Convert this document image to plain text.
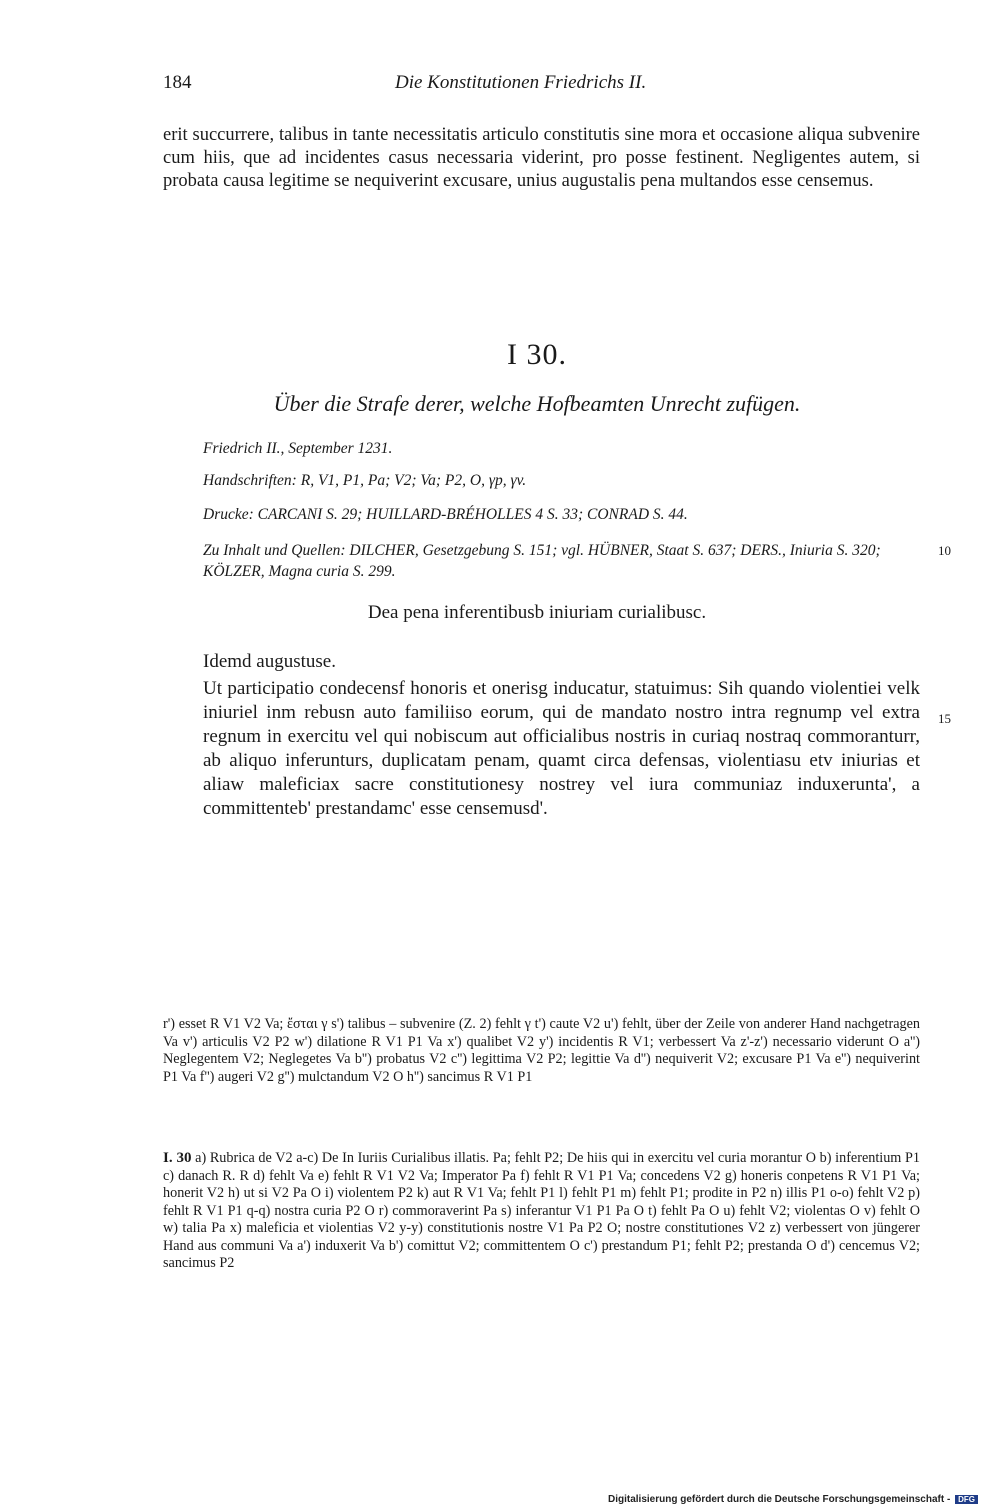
184	Die Konstitutionen Friedrichs II.
erit succurrere, talibus in tante necessitatis articulo constitutis sine mora et occasione aliqua subvenire cum hiis, que ad incidentes casus necessaria viderint, pro posse festinent. Negligentes autem, si probata causa legitime se nequiverint excusare, unius augustalis pena multandos esse censemus.
I 30.
Über die Strafe derer, welche Hofbeamten Unrecht zufügen.
Friedrich II., September 1231.
Handschriften: R, V1, P1, Pa; V2; Va; P2, O, γp, γv.
Drucke: CARCANI S. 29; HUILLARD-BRÉHOLLES 4 S. 33; CONRAD S. 44.
Zu Inhalt und Quellen: DILCHER, Gesetzgebung S. 151; vgl. HÜBNER, Staat S. 637; DERS., Iniuria S. 320; KÖLZER, Magna curia S. 299.
10
Dea pena inferentibusb iniuriam curialibusc.
Idemd augustuse.
Ut participatio condecensf honoris et onerisg inducatur, statuimus: Sih quando violentiei velk iniuriel inm rebusn auto familiiso eorum, qui de mandato nostro intra regnump vel extra regnum in exercitu vel qui nobiscum aut officialibus nostris in curiaq nostraq commoranturr, ab aliquo inferunturs, duplicatam penam, quamt circa defensas, violentiasu etv iniurias et aliaw maleficiax sacre constitutionesy nostrey vel iura communiaz induxerunta', a committenteb' prestandamc' esse censemusd'.
15
r') esset R V1 V2 Va; ἔσται γ s') talibus – subvenire (Z. 2) fehlt γ t') caute V2 u') fehlt, über der Zeile von anderer Hand nachgetragen Va v') articulis V2 P2 w') dilatione R V1 P1 Va x') qualibet V2 y') incidentis R V1; verbessert Va z'-z') necessario viderunt O a'') Neglegentem V2; Neglegetes Va b'') probatus V2 c'') legittima V2 P2; legittie Va d'') nequiverit V2; excusare P1 Va e'') nequiverint P1 Va f'') augeri V2 g'') mulctandum V2 O h'') sancimus R V1 P1
I. 30 a) Rubrica de V2 a-c) De In Iuriis Curialibus illatis. Pa; fehlt P2; De hiis qui in exercitu vel curia morantur O b) inferentium P1 c) danach R. R d) fehlt Va e) fehlt R V1 V2 Va; Imperator Pa f) fehlt R V1 P1 Va; concedens V2 g) honeris conpetens R V1 P1 Va; honerit V2 h) ut si V2 Pa O i) violentem P2 k) aut R V1 Va; fehlt P1 l) fehlt P1 m) fehlt P1; prodite in P2 n) illis P1 o-o) fehlt V2 p) fehlt R V1 P1 q-q) nostra curia P2 O r) commoraverint Pa s) inferantur V1 P1 Pa O t) fehlt Pa O u) fehlt V2; violentas O v) fehlt O w) talia Pa x) maleficia et violentias V2 y-y) constitutionis nostre V1 Pa P2 O; nostre constitutiones V2 z) verbessert von jüngerer Hand aus communi Va a') induxerit Va b') comittut V2; committentem O c') prestandum P1; fehlt P2; prestanda O d') cencemus V2; sancimus P2
Digitalisierung gefördert durch die Deutsche Forschungsgemeinschaft - DFG
